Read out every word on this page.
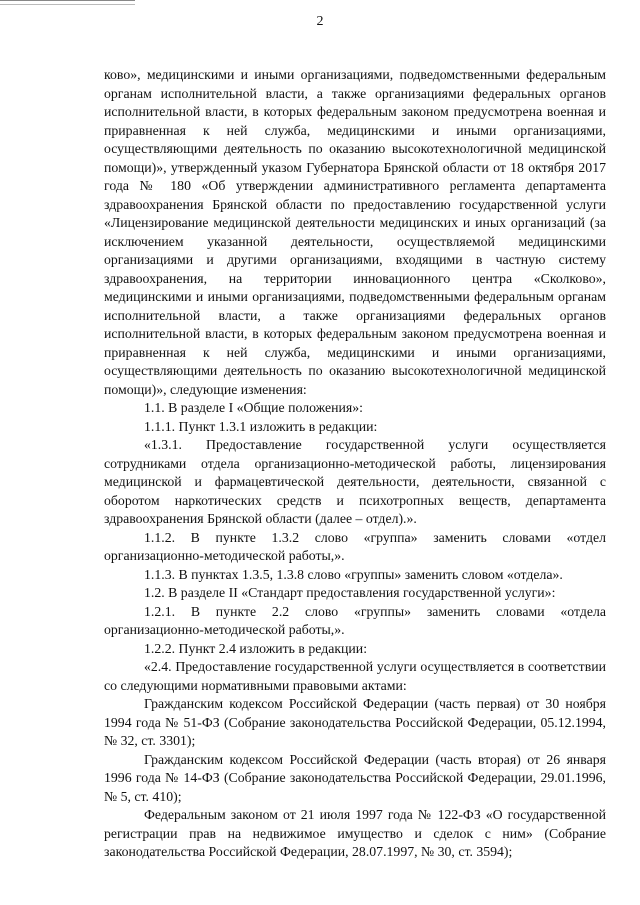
2

ково», медицинскими и иными организациями, подведомственными федеральным органам исполнительной власти, а также организациями федеральных органов исполнительной власти, в которых федеральным законом предусмотрена военная и приравненная к ней служба, медицинскими и иными организациями, осуществляющими деятельность по оказанию высокотехнологичной медицинской помощи)», утвержденный указом Губернатора Брянской области от 18 октября 2017 года № 180 «Об утверждении административного регламента департамента здравоохранения Брянской области по предоставлению государственной услуги «Лицензирование медицинской деятельности медицинских и иных организаций (за исключением указанной деятельности, осуществляемой медицинскими организациями и другими организациями, входящими в частную систему здравоохранения, на территории инновационного центра «Сколково», медицинскими и иными организациями, подведомственными федеральным органам исполнительной власти, а также организациями федеральных органов исполнительной власти, в которых федеральным законом предусмотрена военная и приравненная к ней служба, медицинскими и иными организациями, осуществляющими деятельность по оказанию высокотехнологичной медицинской помощи)», следующие изменения:

1.1. В разделе I «Общие положения»:

1.1.1. Пункт 1.3.1 изложить в редакции:

«1.3.1. Предоставление государственной услуги осуществляется сотрудниками отдела организационно-методической работы, лицензирования медицинской и фармацевтической деятельности, деятельности, связанной с оборотом наркотических средств и психотропных веществ, департамента здравоохранения Брянской области (далее – отдел).».

1.1.2. В пункте 1.3.2 слово «группа» заменить словами «отдел организационно-методической работы,».

1.1.3. В пунктах 1.3.5, 1.3.8 слово «группы» заменить словом «отдела».

1.2. В разделе II «Стандарт предоставления государственной услуги»:

1.2.1. В пункте 2.2 слово «группы» заменить словами «отдела организационно-методической работы,».

1.2.2. Пункт 2.4 изложить в редакции:

«2.4. Предоставление государственной услуги осуществляется в соответствии со следующими нормативными правовыми актами:

Гражданским кодексом Российской Федерации (часть первая) от 30 ноября 1994 года № 51-ФЗ (Собрание законодательства Российской Федерации, 05.12.1994, № 32, ст. 3301);

Гражданским кодексом Российской Федерации (часть вторая) от 26 января 1996 года № 14-ФЗ (Собрание законодательства Российской Федерации, 29.01.1996, № 5, ст. 410);

Федеральным законом от 21 июля 1997 года № 122-ФЗ «О государственной регистрации прав на недвижимое имущество и сделок с ним» (Собрание законодательства Российской Федерации, 28.07.1997, № 30, ст. 3594);
